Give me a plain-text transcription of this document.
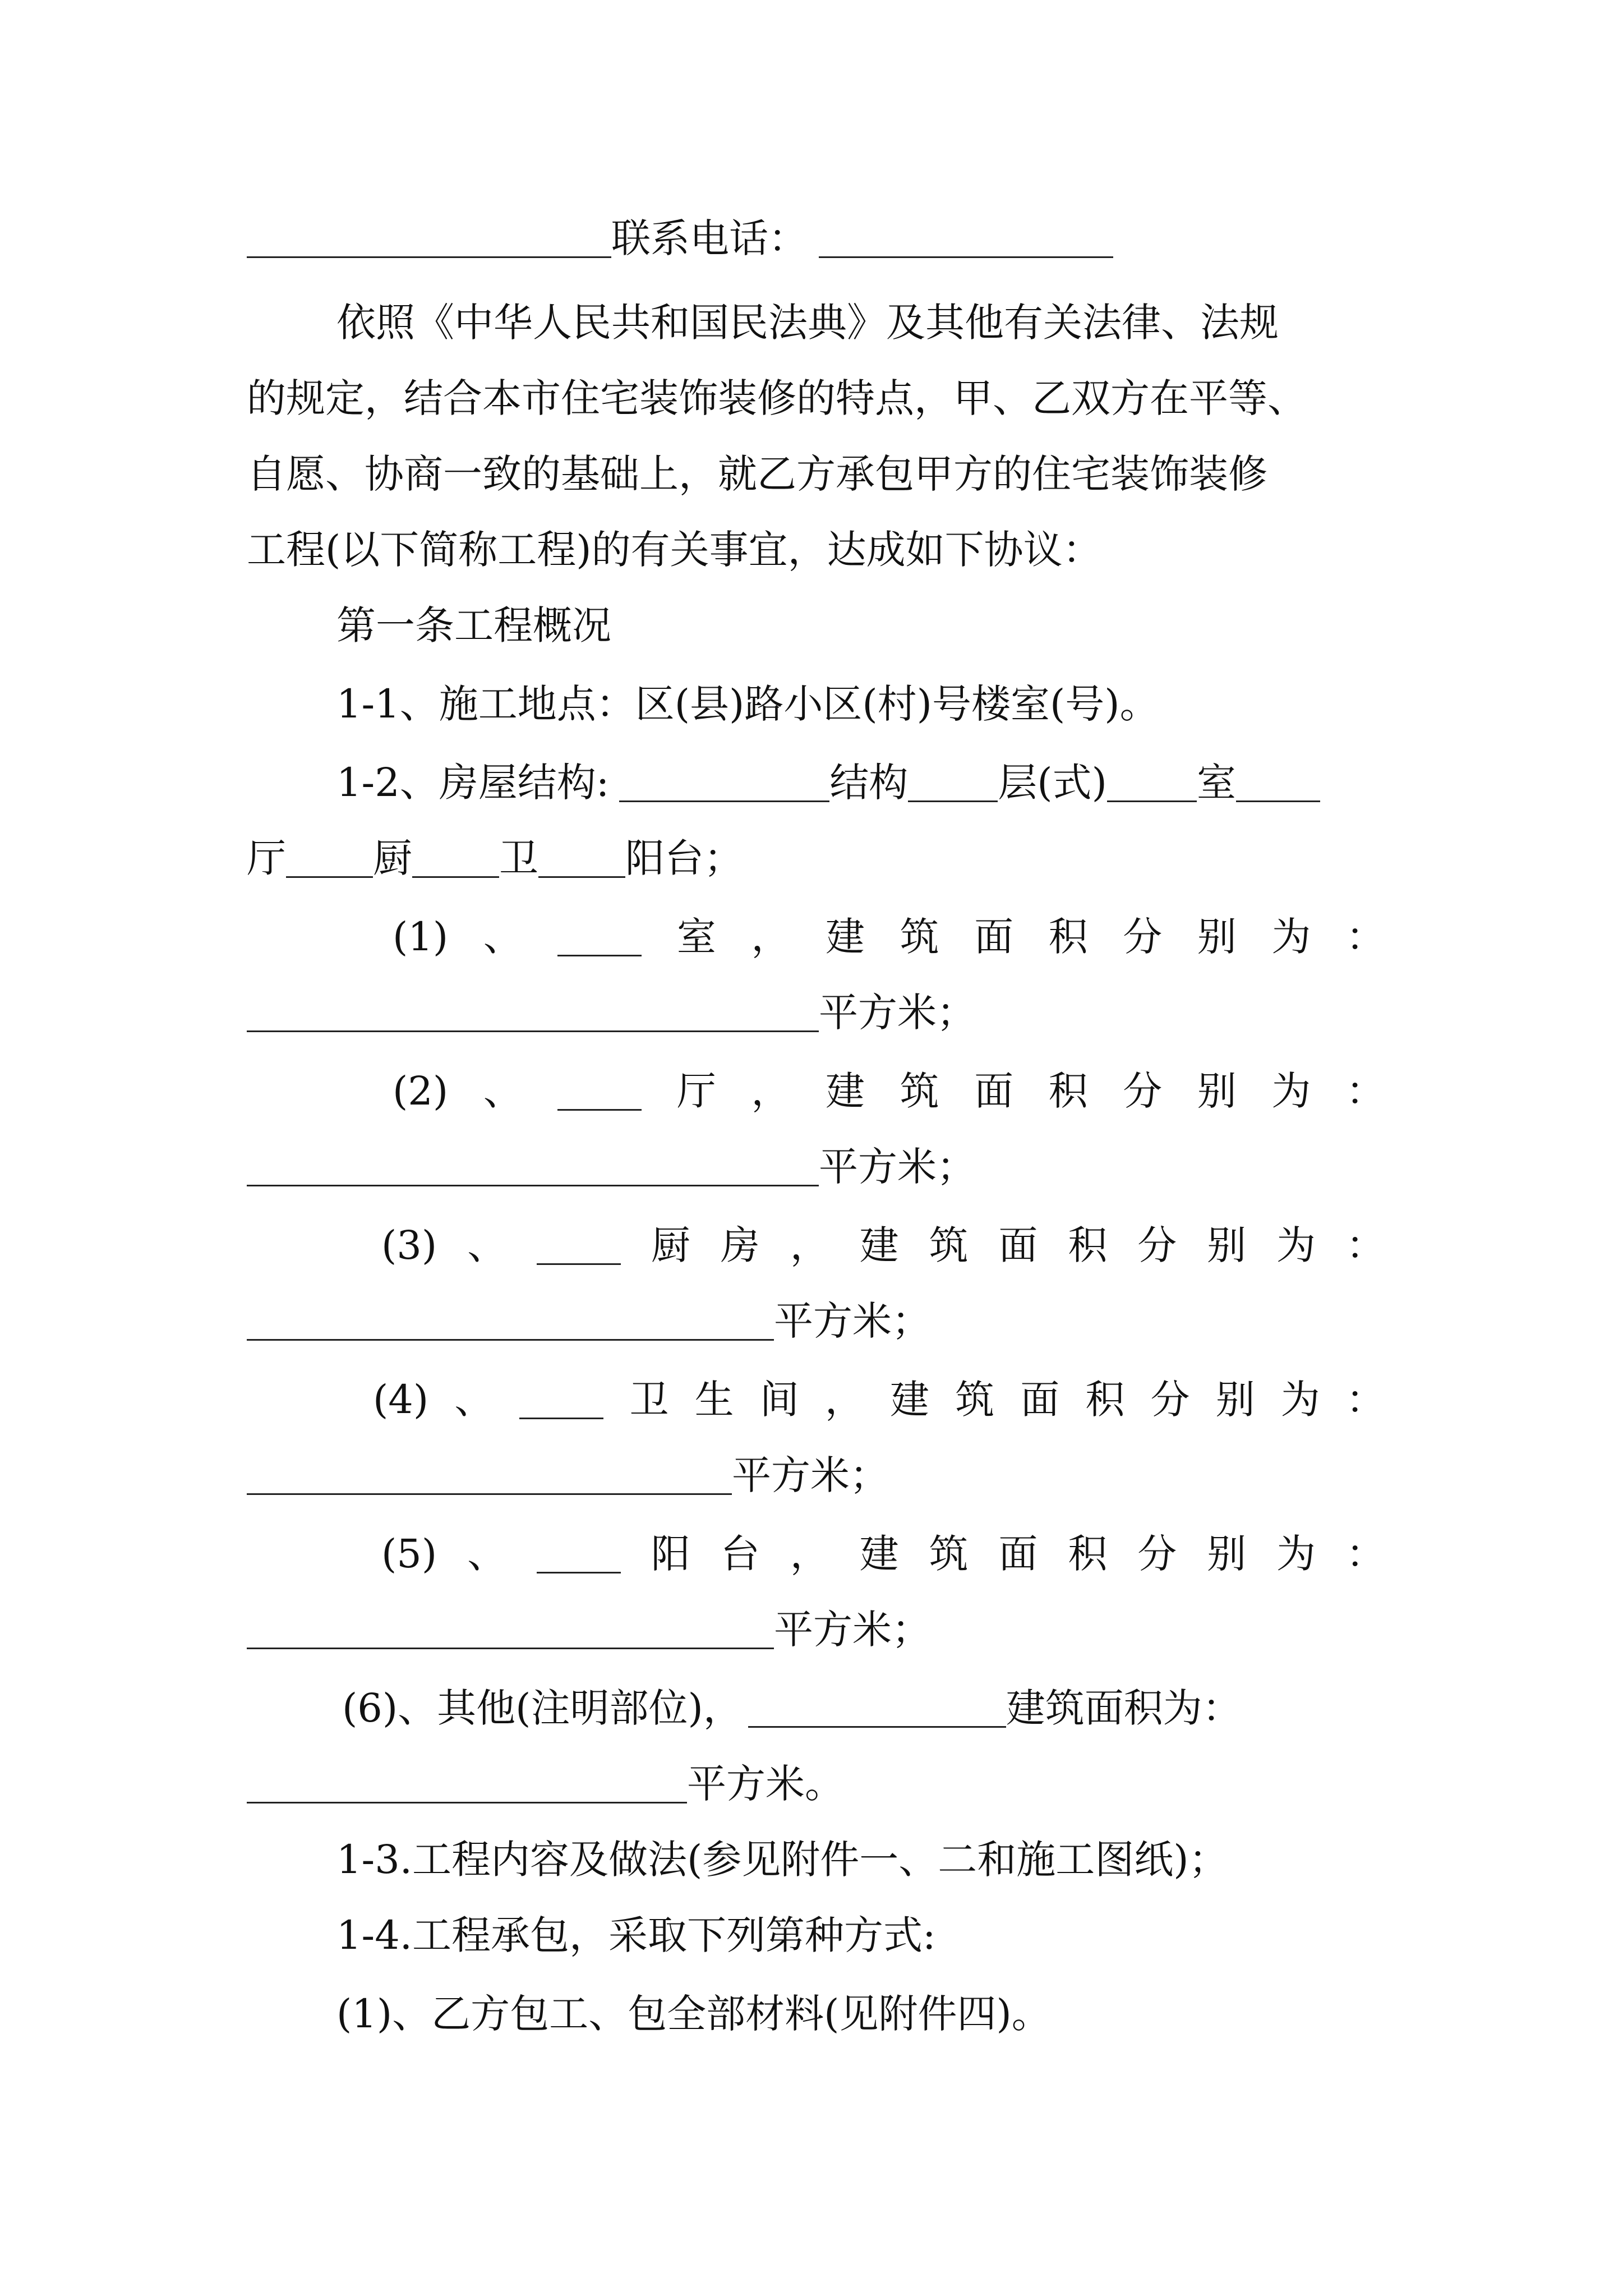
联系电话：
依照《中华人民共和国民法典》及其他有关法律、法规
的规定，结合本市住宅装饰装修的特点，甲、乙双方在平等、
自愿、协商一致的基础上，就乙方承包甲方的住宅装饰装修
工程(以下简称工程)的有关事宜，达成如下协议：
第一条工程概况
1-1、施工地点：区(县)路小区(村)号楼室(号)。
1-2、房屋结构:	结构 层(式) 室
厅 厨 卫 阳台；
(1) 、	室 ， 建 筑 面 积 分 别 为 ：
平方米；
(2) 、	厅 ， 建 筑 面 积 分 别 为 ：
平方米；
(3) 、	厨 房 ， 建 筑 面 积 分 别 为 ：
平方米；
(4) 、	卫 生 间 ， 建 筑 面 积 分 别 为 ：
平方米；
(5) 、	阳 台 ， 建 筑 面 积 分 别 为 ：
平方米；
(6)、其他(注明部位)，	建筑面积为：
平方米。
1-3.工程内容及做法(参见附件一、二和施工图纸)；
1-4.工程承包，采取下列第种方式:
(1)、乙方包工、包全部材料(见附件四)。
